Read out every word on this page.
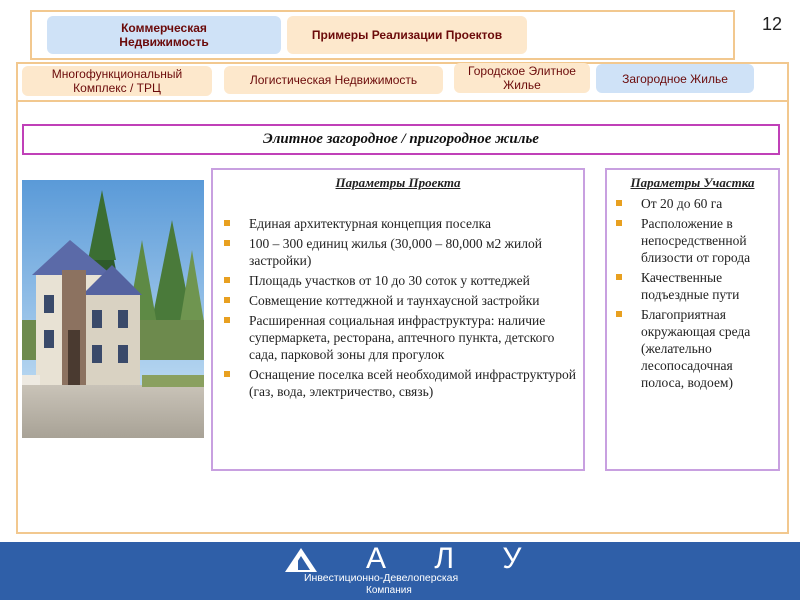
12
Коммерческая Недвижимость	Примеры Реализации Проектов
Многофункциональный Комплекс / ТРЦ
Логистическая Недвижимость
Городское Элитное Жилье	Загородное Жилье
Элитное загородное / пригородное жилье
Параметры Проекта
Единая архитектурная концепция поселка
100 – 300 единиц жилья (30,000 – 80,000 м2 жилой застройки)
Площадь участков от 10 до 30 соток у коттеджей
Совмещение коттеджной и таунхаусной застройки
Расширенная социальная инфраструктура: наличие супермаркета, ресторана, аптечного пункта, детского сада, парковой зоны для прогулок
Оснащение поселка всей необходимой инфраструктурой (газ, вода, электричество, связь)
Параметры Участка
От 20 до 60 га
Расположение в непосредственной близости от города
Качественные подъездные пути
Благоприятная окружающая среда (желательно лесопосадочная полоса, водоем)
А Л У
Инвестиционно-Девелоперская
Компания
